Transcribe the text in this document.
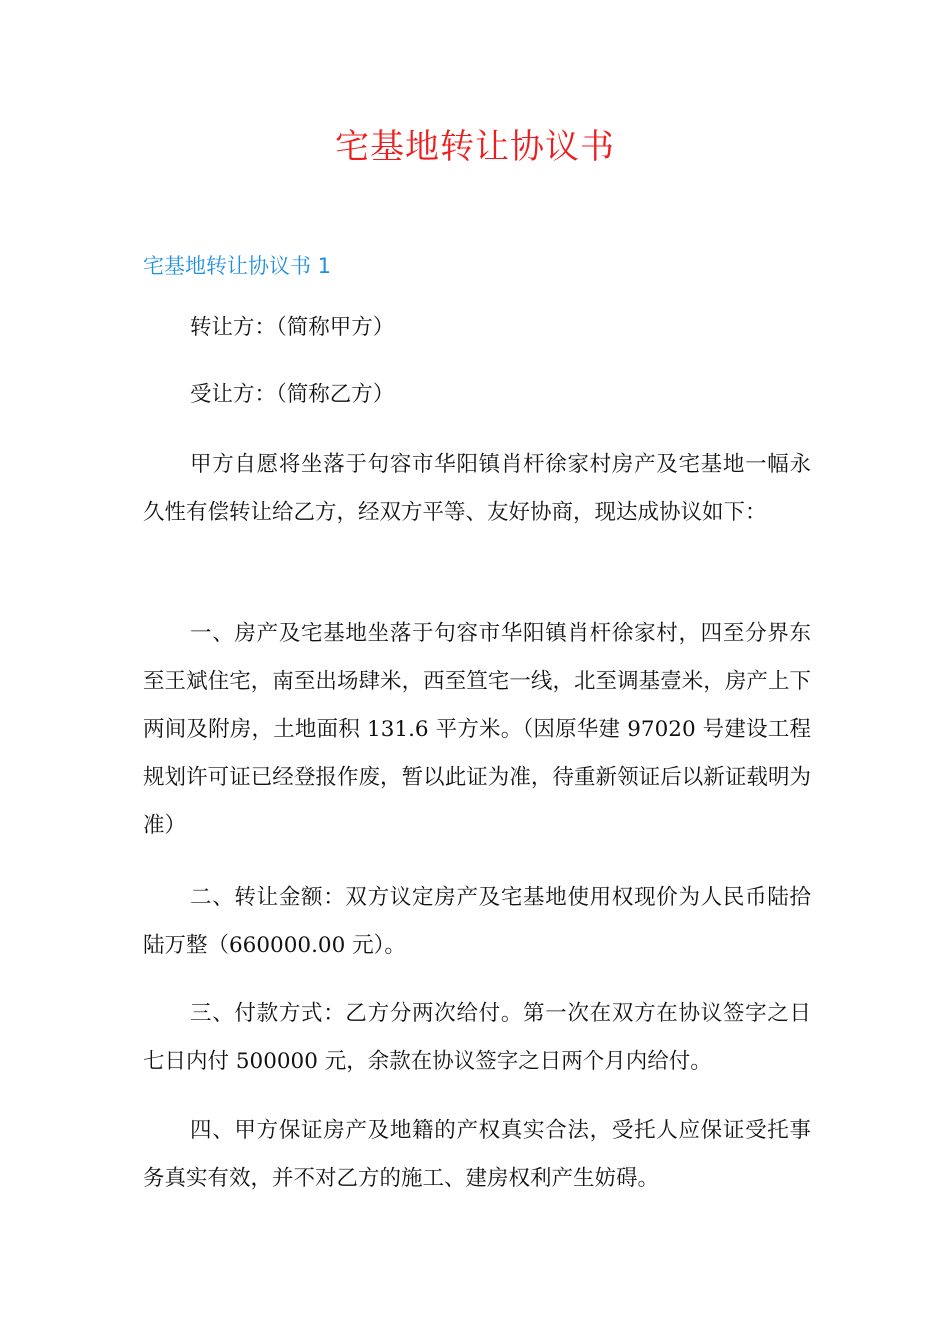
宅基地转让协议书
宅基地转让协议书 1

转让方：（简称甲方）

受让方：（简称乙方）

甲方自愿将坐落于句容市华阳镇肖杆徐家村房产及宅基地一幅永久性有偿转让给乙方，经双方平等、友好协商，现达成协议如下：

一、房产及宅基地坐落于句容市华阳镇肖杆徐家村，四至分界东至王斌住宅，南至出场肆米，西至笪宅一线，北至调基壹米，房产上下两间及附房，土地面积 131.6 平方米。（因原华建 97020 号建设工程规划许可证已经登报作废，暂以此证为准，待重新领证后以新证载明为准）

二、转让金额：双方议定房产及宅基地使用权现价为人民币陆拾陆万整（660000.00 元）。

三、付款方式：乙方分两次给付。第一次在双方在协议签字之日七日内付 500000 元，余款在协议签字之日两个月内给付。

四、甲方保证房产及地籍的产权真实合法，受托人应保证受托事务真实有效，并不对乙方的施工、建房权利产生妨碍。
